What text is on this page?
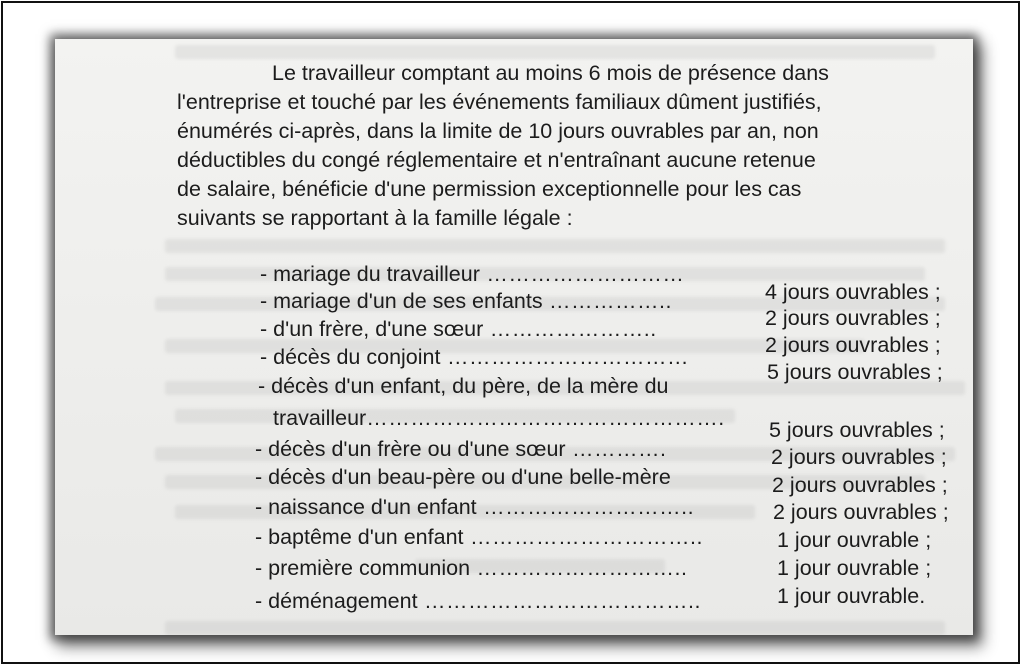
Le travailleur comptant au moins 6 mois de présence dans
l'entreprise et touché par les événements familiaux dûment justifiés,
énumérés ci-après, dans la limite de 10 jours ouvrables par an, non
déductibles du congé réglementaire et n'entraînant aucune retenue
de salaire, bénéficie d'une permission exceptionnelle pour les cas
suivants se rapportant à la famille légale :
- mariage du travailleur ………………………
- mariage d'un de ses enfants ……………..
- d'un frère, d'une sœur …………………..
- décès du conjoint ……………………………
- décès d'un enfant, du père, de la mère du
travailleur………………………………………….
- décès d'un frère ou d'une sœur ………….
- décès d'un beau-père ou d'une belle-mère
- naissance d'un enfant ………………………..
- baptême d'un enfant …………………………..
- première communion ………………………..
- déménagement ………………………………..
4 jours ouvrables ;
2 jours ouvrables ;
2 jours ouvrables ;
5 jours ouvrables ;
5 jours ouvrables ;
2 jours ouvrables ;
2 jours ouvrables ;
2 jours ouvrables ;
1 jour ouvrable ;
1 jour ouvrable ;
1 jour ouvrable.
